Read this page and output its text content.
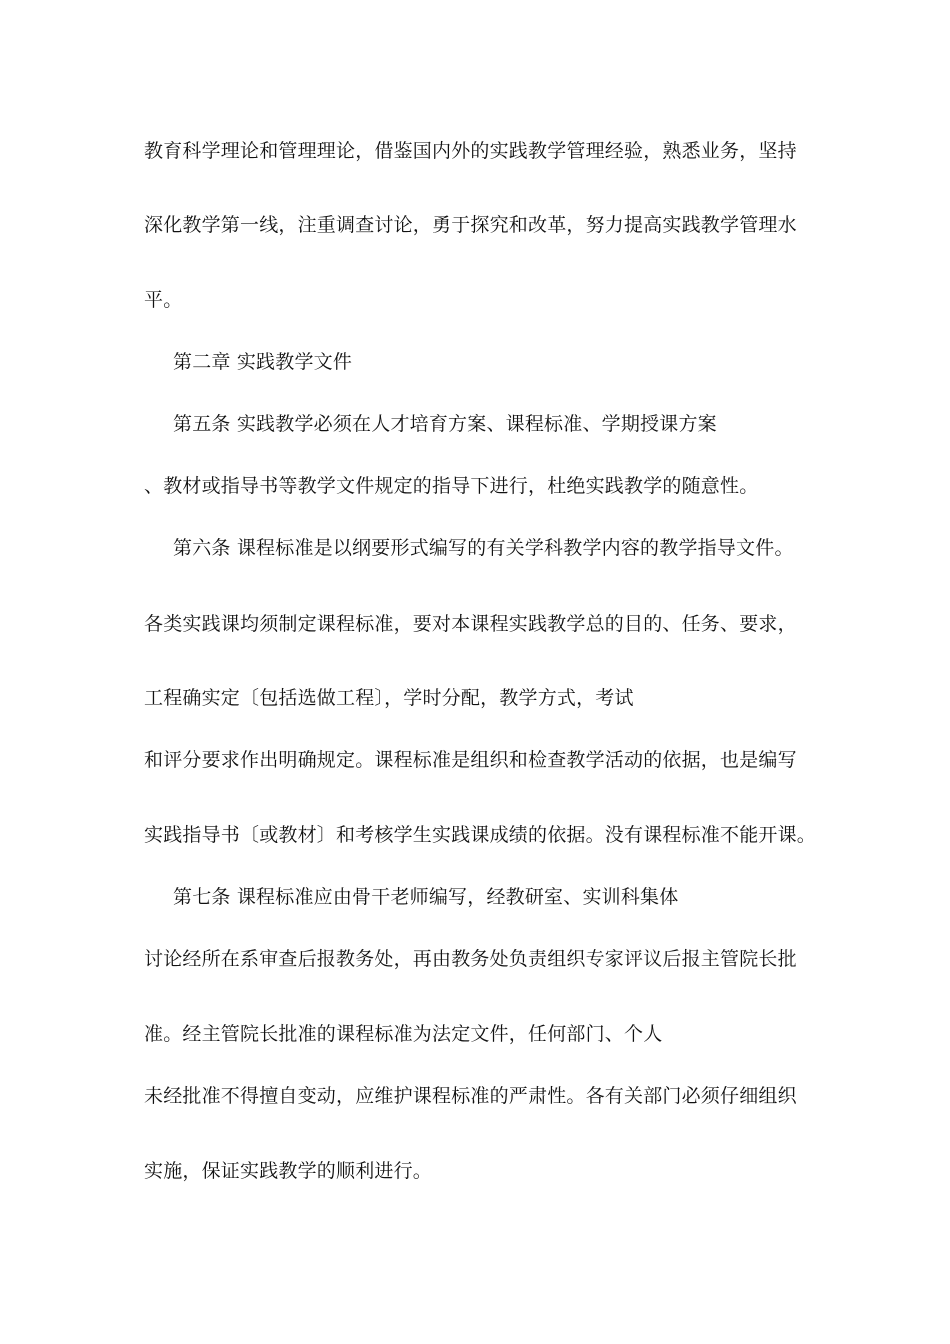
教育科学理论和管理理论，借鉴国内外的实践教学管理经验，熟悉业务，坚持
深化教学第一线，注重调查讨论，勇于探究和改革，努力提高实践教学管理水
平。
第二章 实践教学文件
第五条 实践教学必须在人才培育方案、课程标准、学期授课方案
、教材或指导书等教学文件规定的指导下进行，杜绝实践教学的随意性。
第六条 课程标准是以纲要形式编写的有关学科教学内容的教学指导文件。
各类实践课均须制定课程标准，要对本课程实践教学总的目的、任务、要求，
工程确实定〔包括选做工程〕，学时分配，教学方式，考试
和评分要求作出明确规定。课程标准是组织和检查教学活动的依据，也是编写
实践指导书〔或教材〕和考核学生实践课成绩的依据。没有课程标准不能开课。
第七条 课程标准应由骨干老师编写，经教研室、实训科集体
讨论经所在系审查后报教务处，再由教务处负责组织专家评议后报主管院长批
准。经主管院长批准的课程标准为法定文件，任何部门、个人
未经批准不得擅自变动，应维护课程标准的严肃性。各有关部门必须仔细组织
实施，保证实践教学的顺利进行。
